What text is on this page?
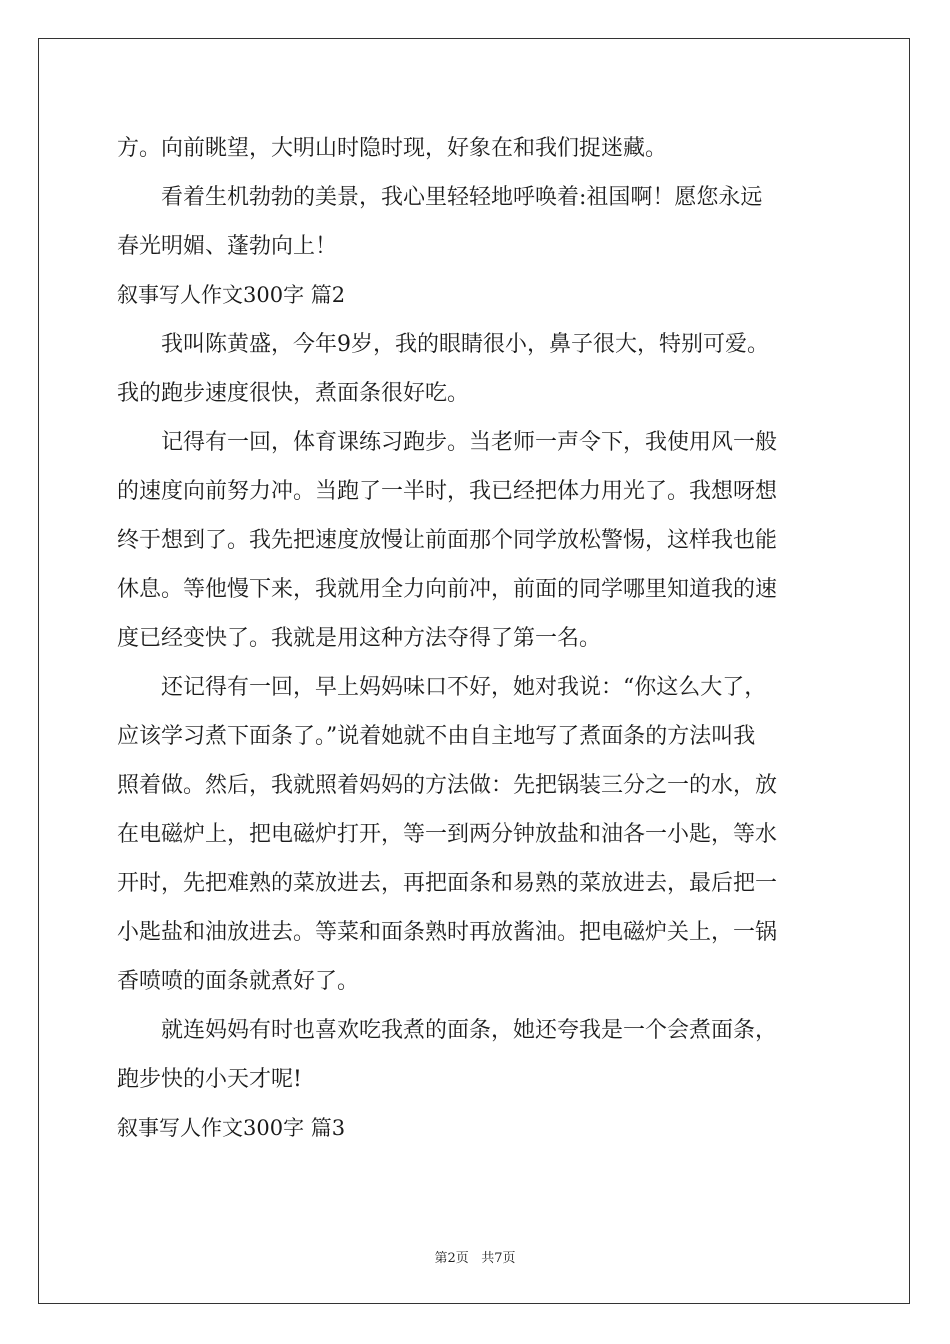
方。向前眺望，大明山时隐时现，好象在和我们捉迷藏。
看着生机勃勃的美景，我心里轻轻地呼唤着:祖国啊！愿您永远
春光明媚、蓬勃向上！
叙事写人作文300字 篇2
我叫陈黄盛，今年9岁，我的眼睛很小，鼻子很大，特别可爱。
我的跑步速度很快，煮面条很好吃。
记得有一回，体育课练习跑步。当老师一声令下，我使用风一般
的速度向前努力冲。当跑了一半时，我已经把体力用光了。我想呀想
终于想到了。我先把速度放慢让前面那个同学放松警惕，这样我也能
休息。等他慢下来，我就用全力向前冲，前面的同学哪里知道我的速
度已经变快了。我就是用这种方法夺得了第一名。
还记得有一回，早上妈妈味口不好，她对我说：“你这么大了，
应该学习煮下面条了。”说着她就不由自主地写了煮面条的方法叫我
照着做。然后，我就照着妈妈的方法做：先把锅装三分之一的水，放
在电磁炉上，把电磁炉打开，等一到两分钟放盐和油各一小匙，等水
开时，先把难熟的菜放进去，再把面条和易熟的菜放进去，最后把一
小匙盐和油放进去。等菜和面条熟时再放酱油。把电磁炉关上，一锅
香喷喷的面条就煮好了。
就连妈妈有时也喜欢吃我煮的面条，她还夸我是一个会煮面条，
跑步快的小天才呢!
叙事写人作文300字 篇3
第2页 共7页
